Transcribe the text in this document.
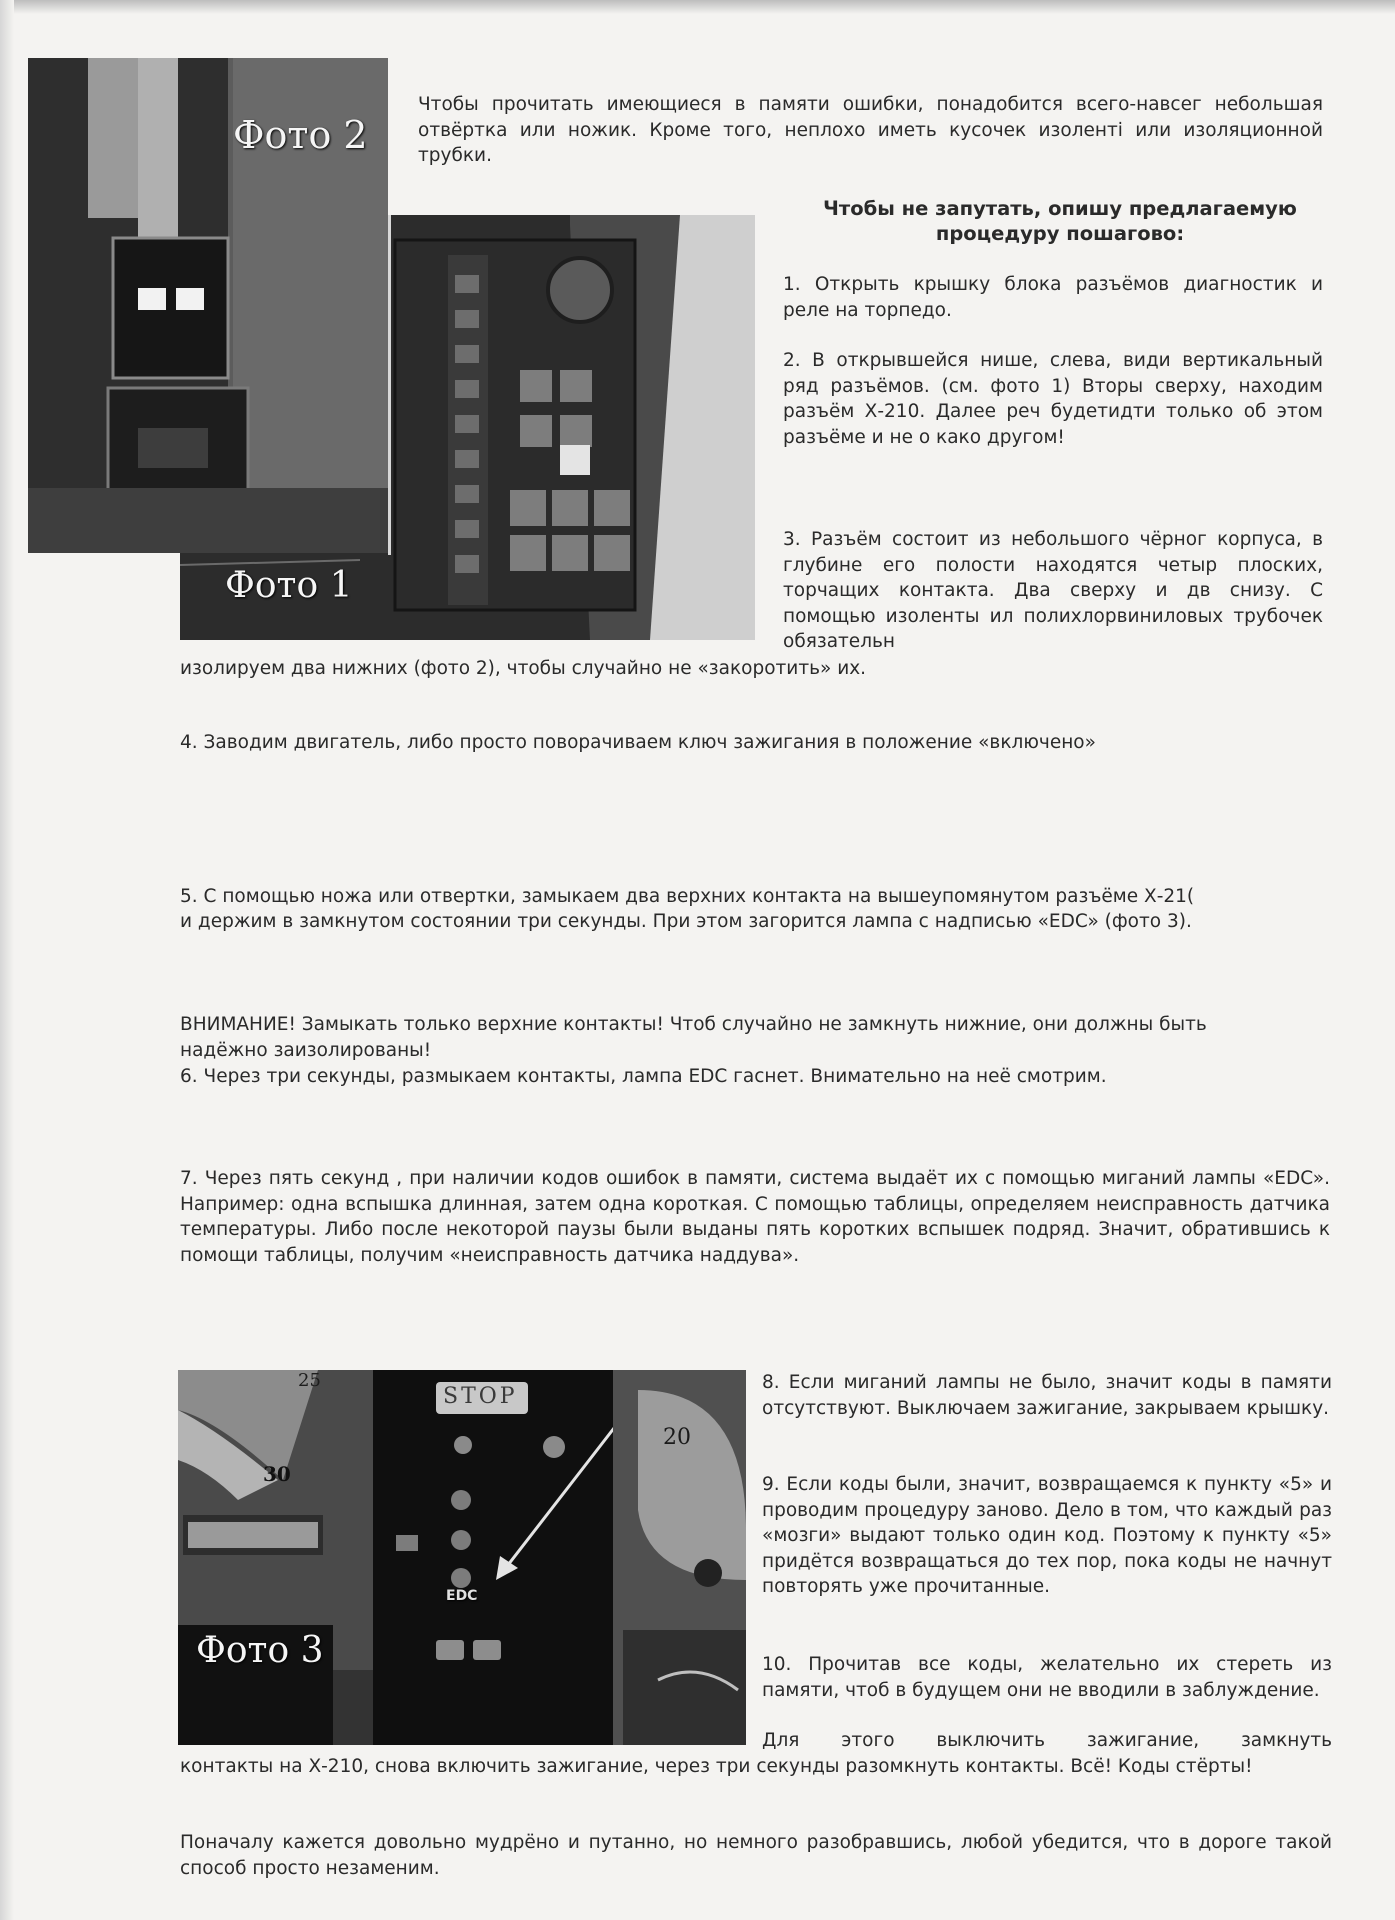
Фото 1
Фото 2

Чтобы прочитать имеющиеся в памяти ошибки, понадобится всего-навсег небольшая отвёртка или ножик. Кроме того, неплохо иметь кусочек изоленті или изоляционной трубки.

Чтобы не запутать, опишу предлагаемую

процедуру пошагово:

1. Открыть крышку блока разъёмов диагностик и реле на торпедо.

2. В открывшейся нише, слева, види вертикальный ряд разъёмов. (см. фото 1) Вторы сверху, находим разъём Х-210. Далее реч будетидти только об этом разъёме и не о како другом!

3. Разъём состоит из небольшого чёрног корпуса, в глубине его полости находятся четыр плоских, торчащих контакта. Два сверху и дв снизу. С помощью изоленты ил полихлорвиниловых трубочек обязательн

изолируем два нижних (фото 2), чтобы случайно не «закоротить» их.

4. Заводим двигатель, либо просто поворачиваем ключ зажигания в положение «включено»

5. С помощью ножа или отвертки, замыкаем два верхних контакта на вышеупомянутом разъёме Х-21(

и держим в замкнутом состоянии три секунды. При этом загорится лампа с надписью «EDC» (фото 3).

ВНИМАНИЕ! Замыкать только верхние контакты! Чтоб случайно не замкнуть нижние, они должны быть

надёжно заизолированы!

6. Через три секунды, размыкаем контакты, лампа EDC гаснет. Внимательно на неё смотрим.

7. Через пять секунд , при наличии кодов ошибок в памяти, система выдаёт их с помощью миганий лампы «EDC». Например: одна вспышка длинная, затем одна короткая. С помощью таблицы, определяем неисправность датчика температуры. Либо после некоторой паузы были выданы пять коротких вспышек подряд. Значит, обратившись к помощи таблицы, получим «неисправность датчика наддува».

STOP
EDC
25
30
20
Фото 3

8. Если миганий лампы не было, значит коды в памяти отсутствуют. Выключаем зажигание, закрываем крышку.

9. Если коды были, значит, возвращаемся к пункту «5» и проводим процедуру заново. Дело в том, что каждый раз «мозги» выдают только один код. Поэтому к пункту «5» придётся возвращаться до тех пор, пока коды не начнут повторять уже прочитанные.

10. Прочитав все коды, желательно их стереть из памяти, чтоб в будущем они не вводили в заблуждение.

Для этого выключить зажигание, замкнуть

контакты на Х-210, снова включить зажигание, через три секунды разомкнуть контакты. Всё! Коды стёрты!

Поначалу кажется довольно мудрёно и путанно, но немного разобравшись, любой убедится, что в дороге такой способ просто незаменим.
